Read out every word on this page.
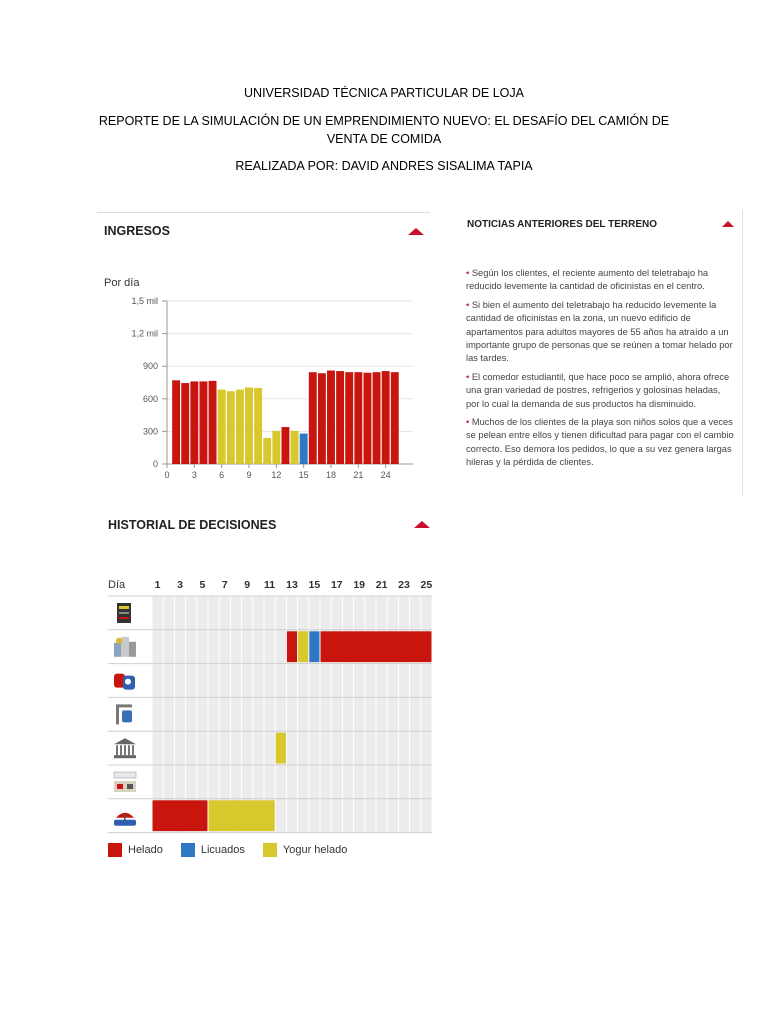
UNIVERSIDAD TÉCNICA PARTICULAR DE LOJA
REPORTE DE LA SIMULACIÓN DE UN EMPRENDIMIENTO NUEVO: EL DESAFÍO DEL CAMIÓN DE
VENTA DE COMIDA
REALIZADA POR: DAVID ANDRES SISALIMA TAPIA
INGRESOS
Por día
0
300
600
900
1,2 mil
1,5 mil
0 3 6 9 12 15 18 21 24
NOTICIAS ANTERIORES DEL TERRENO

• Según los clientes, el reciente aumento del teletrabajo ha reducido levemente la cantidad de oficinistas en el centro.

• Si bien el aumento del teletrabajo ha reducido levemente la cantidad de oficinistas en la zona, un nuevo edificio de apartamentos para adultos mayores de 55 años ha atraído a un importante grupo de personas que se reúnen a tomar helado por las tardes.

• El comedor estudiantil, que hace poco se amplió, ahora ofrece una gran variedad de postres, refrigerios y golosinas heladas, por lo cual la demanda de sus productos ha disminuido.

• Muchos de los clientes de la playa son niños solos que a veces se pelean entre ellos y tienen dificultad para pagar con el cambio correcto. Eso demora los pedidos, lo que a su vez genera largas hileras y la pérdida de clientes.

HISTORIAL DE DECISIONES
Día	1 3 5 7 9 11 13 15 17 19 21 23 25
Helado	Licuados	Yogur helado
